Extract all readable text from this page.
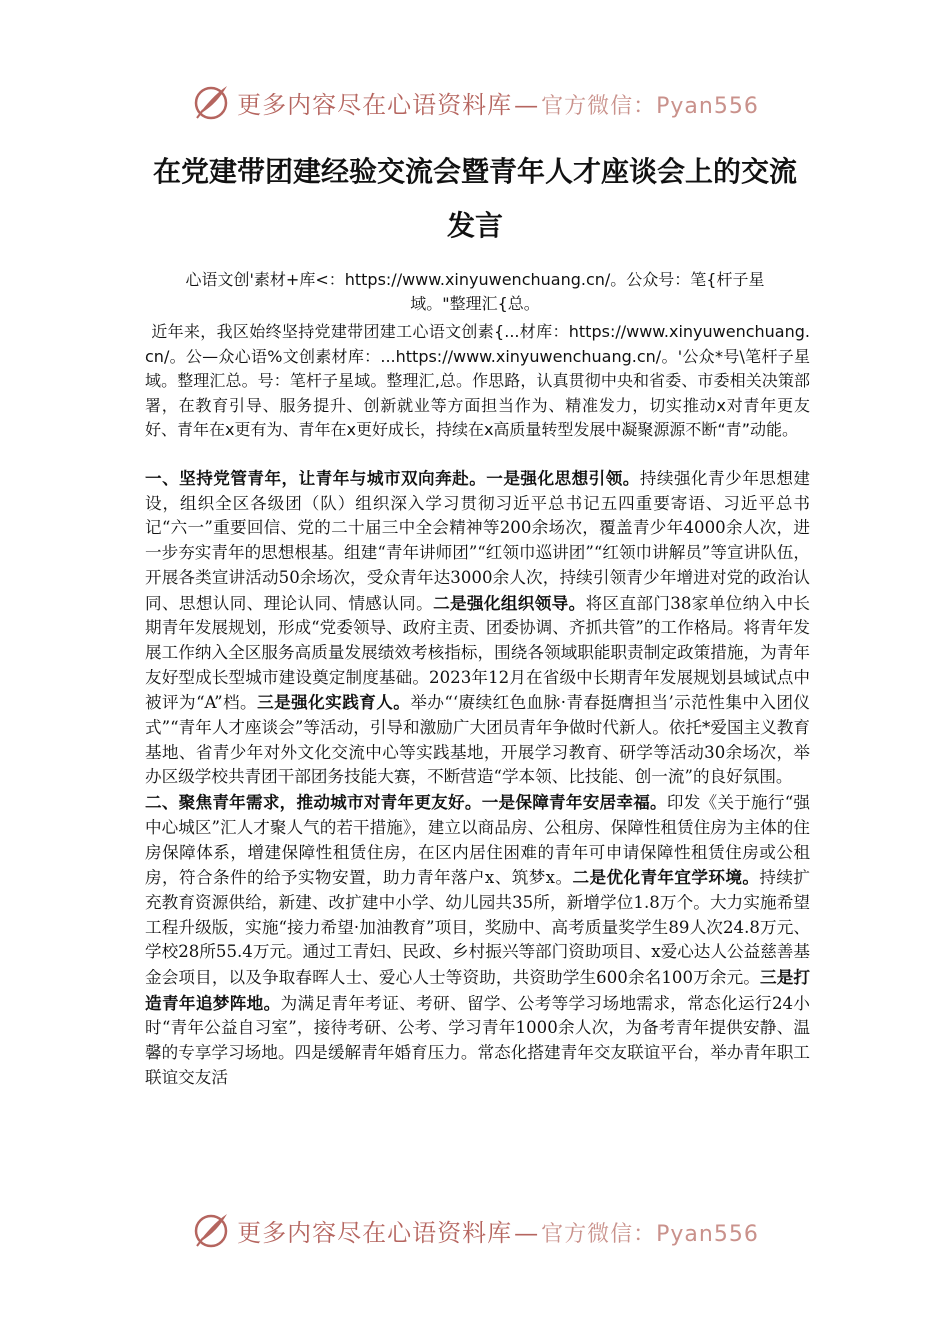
更多内容尽在心语资料库—官方微信：Pyan556
在党建带团建经验交流会暨青年人才座谈会上的交流发言
心语文创'素材+库<：https://www.xinyuwenchuang.cn/。公众号：笔{杆子星域。"整理汇{总。
近年来，我区始终坚持党建带团建工心语文创素{...材库：https://www.xinyuwenchuang.cn/。公—众心语%文创素材库：...https://www.xinyuwenchuang.cn/。'公众*号\笔杆子星域。整理汇总。号：笔杆子星域。整理汇,总。作思路，认真贯彻中央和省委、市委相关决策部署，在教育引导、服务提升、创新就业等方面担当作为、精准发力，切实推动x对青年更友好、青年在x更有为、青年在x更好成长，持续在x高质量转型发展中凝聚源源不断“青”动能。

一、坚持党管青年，让青年与城市双向奔赴。一是强化思想引领。持续强化青少年思想建设，组织全区各级团（队）组织深入学习贯彻习近平总书记五四重要寄语、习近平总书记“六一”重要回信、党的二十届三中全会精神等200余场次，覆盖青少年4000余人次，进一步夯实青年的思想根基。组建“青年讲师团”“红领巾巡讲团”“红领巾讲解员”等宣讲队伍，开展各类宣讲活动50余场次，受众青年达3000余人次，持续引领青少年增进对党的政治认同、思想认同、理论认同、情感认同。二是强化组织领导。将区直部门38家单位纳入中长期青年发展规划，形成“党委领导、政府主责、团委协调、齐抓共管”的工作格局。将青年发展工作纳入全区服务高质量发展绩效考核指标，围绕各领域职能职责制定政策措施，为青年友好型成长型城市建设奠定制度基础。2023年12月在省级中长期青年发展规划县域试点中被评为“A”档。三是强化实践育人。举办“‘赓续红色血脉·青春挺膺担当’示范性集中入团仪式”“青年人才座谈会”等活动，引导和激励广大团员青年争做时代新人。依托*爱国主义教育基地、省青少年对外文化交流中心等实践基地，开展学习教育、研学等活动30余场次，举办区级学校共青团干部团务技能大赛，不断营造“学本领、比技能、创一流”的良好氛围。

二、聚焦青年需求，推动城市对青年更友好。一是保障青年安居幸福。印发《关于施行“强中心城区”汇人才聚人气的若干措施》，建立以商品房、公租房、保障性租赁住房为主体的住房保障体系，增建保障性租赁住房，在区内居住困难的青年可申请保障性租赁住房或公租房，符合条件的给予实物安置，助力青年落户x、筑梦x。二是优化青年宜学环境。持续扩充教育资源供给，新建、改扩建中小学、幼儿园共35所，新增学位1.8万个。大力实施希望工程升级版，实施“接力希望·加油教育”项目，奖励中、高考质量奖学生89人次24.8万元、学校28所55.4万元。通过工青妇、民政、乡村振兴等部门资助项目、x爱心达人公益慈善基金会项目，以及争取春晖人士、爱心人士等资助，共资助学生600余名100万余元。三是打造青年追梦阵地。为满足青年考证、考研、留学、公考等学习场地需求，常态化运行24小时“青年公益自习室”，接待考研、公考、学习青年1000余人次，为备考青年提供安静、温馨的专享学习场地。四是缓解青年婚育压力。常态化搭建青年交友联谊平台，举办青年职工联谊交友活

更多内容尽在心语资料库—官方微信：Pyan556
